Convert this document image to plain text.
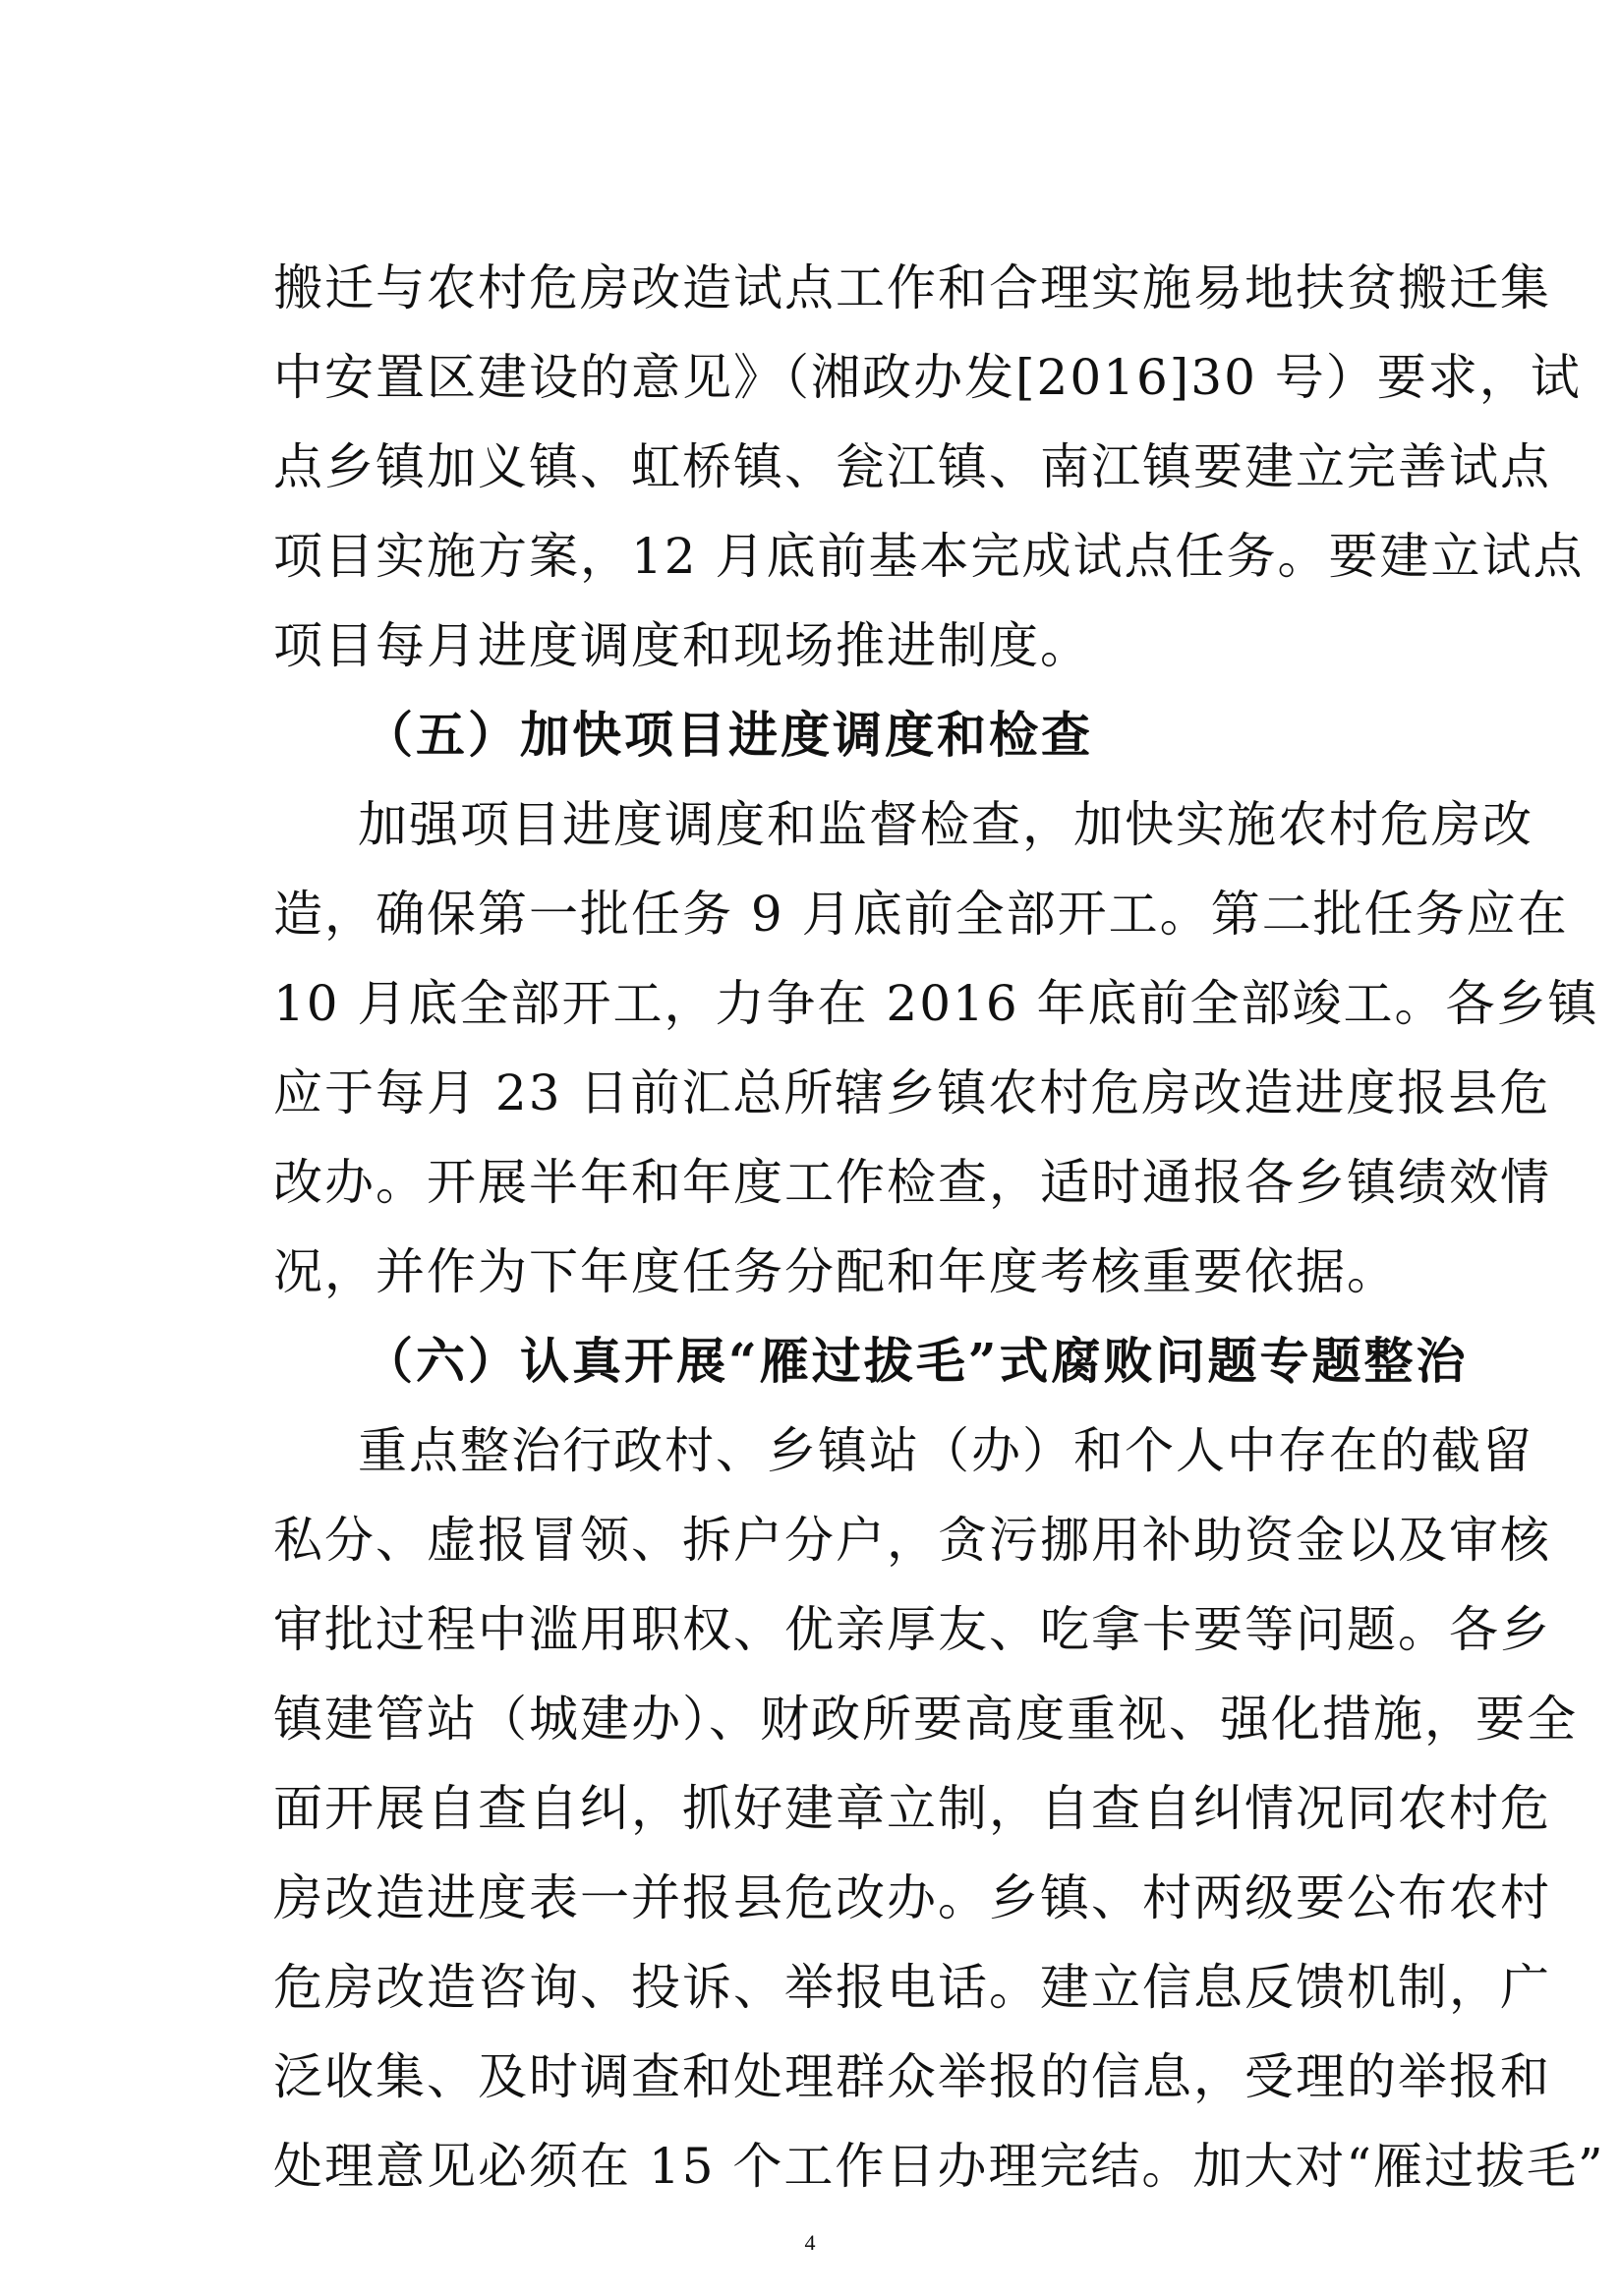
搬迁与农村危房改造试点工作和合理实施易地扶贫搬迁集
中安置区建设的意见》（湘政办发[2016]30 号）要求，试
点乡镇加义镇、虹桥镇、瓮江镇、南江镇要建立完善试点
项目实施方案，12 月底前基本完成试点任务。要建立试点
项目每月进度调度和现场推进制度。
（五）加快项目进度调度和检查
加强项目进度调度和监督检查，加快实施农村危房改
造，确保第一批任务 9 月底前全部开工。第二批任务应在
10 月底全部开工，力争在 2016 年底前全部竣工。各乡镇
应于每月 23 日前汇总所辖乡镇农村危房改造进度报县危
改办。开展半年和年度工作检查，适时通报各乡镇绩效情
况，并作为下年度任务分配和年度考核重要依据。
（六）认真开展“雁过拔毛”式腐败问题专题整治
重点整治行政村、乡镇站（办）和个人中存在的截留
私分、虚报冒领、拆户分户，贪污挪用补助资金以及审核
审批过程中滥用职权、优亲厚友、吃拿卡要等问题。各乡
镇建管站（城建办）、财政所要高度重视、强化措施，要全
面开展自查自纠，抓好建章立制，自查自纠情况同农村危
房改造进度表一并报县危改办。乡镇、村两级要公布农村
危房改造咨询、投诉、举报电话。建立信息反馈机制，广
泛收集、及时调查和处理群众举报的信息，受理的举报和
处理意见必须在 15 个工作日办理完结。加大对“雁过拔毛”
4
